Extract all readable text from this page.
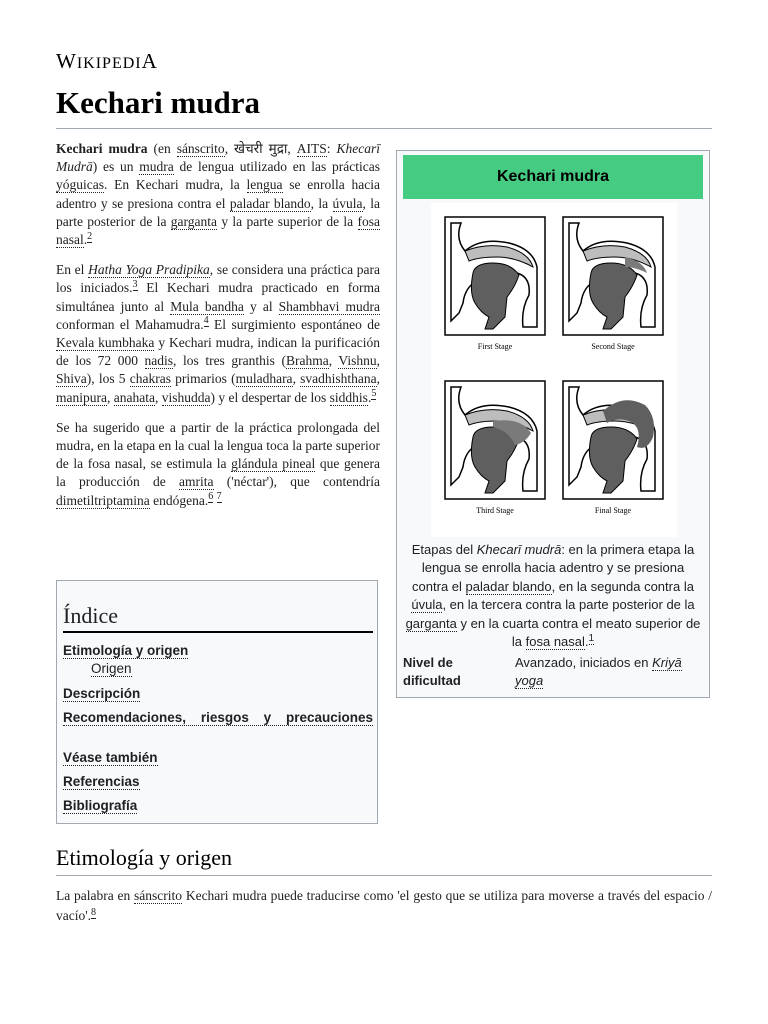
WIKIPEDIA
Kechari mudra

Kechari mudra (en sánscrito, खेचरी मुद्रा, AITS: Khecarī Mudrā) es un mudra de lengua utilizado en las prácticas yóguicas. En Kechari mudra, la lengua se enrolla hacia adentro y se presiona contra el paladar blando, la úvula, la parte posterior de la garganta y la parte superior de la fosa nasal.$^2$

En el Hatha Yoga Pradipika, se considera una práctica para los iniciados.$^3$ El Kechari mudra practicado en forma simultánea junto al Mula bandha y al Shambhavi mudra conforman el Mahamudra.$^4$ El surgimiento espontáneo de Kevala kumbhaka y Kechari mudra, indican la purificación de los 72 000 nadis, los tres granthis (Brahma, Vishnu, Shiva), los 5 chakras primarios (muladhara, svadhishthana, manipura, anahata, vishudda) y el despertar de los siddhis.$^5$

Se ha sugerido que a partir de la práctica prolongada del mudra, en la etapa en la cual la lengua toca la parte superior de la fosa nasal, se estimula la glándula pineal que genera la producción de amrita ('néctar'), que contendría dimetiltriptamina endógena.$^6$ $^7$

Kechari mudra
First Stage	Second Stage
Third Stage	Final Stage
Etapas del Khecarī mudrā: en la primera etapa la lengua se enrolla hacia adentro y se presiona contra el paladar blando, en la segunda contra la úvula, en la tercera contra la parte posterior de la garganta y en la cuarta contra el meato superior de la fosa nasal.$^1$
Nivel de dificultad
Avanzado, iniciados en Kriyā yoga
Índice
Etimología y origen
Origen
Descripción
Recomendaciones, riesgos y precauciones
Véase también
Referencias
Bibliografía
Etimología y origen
La palabra en sánscrito Kechari mudra puede traducirse como 'el gesto que se utiliza para moverse a través del espacio / vacío'.$^8$
